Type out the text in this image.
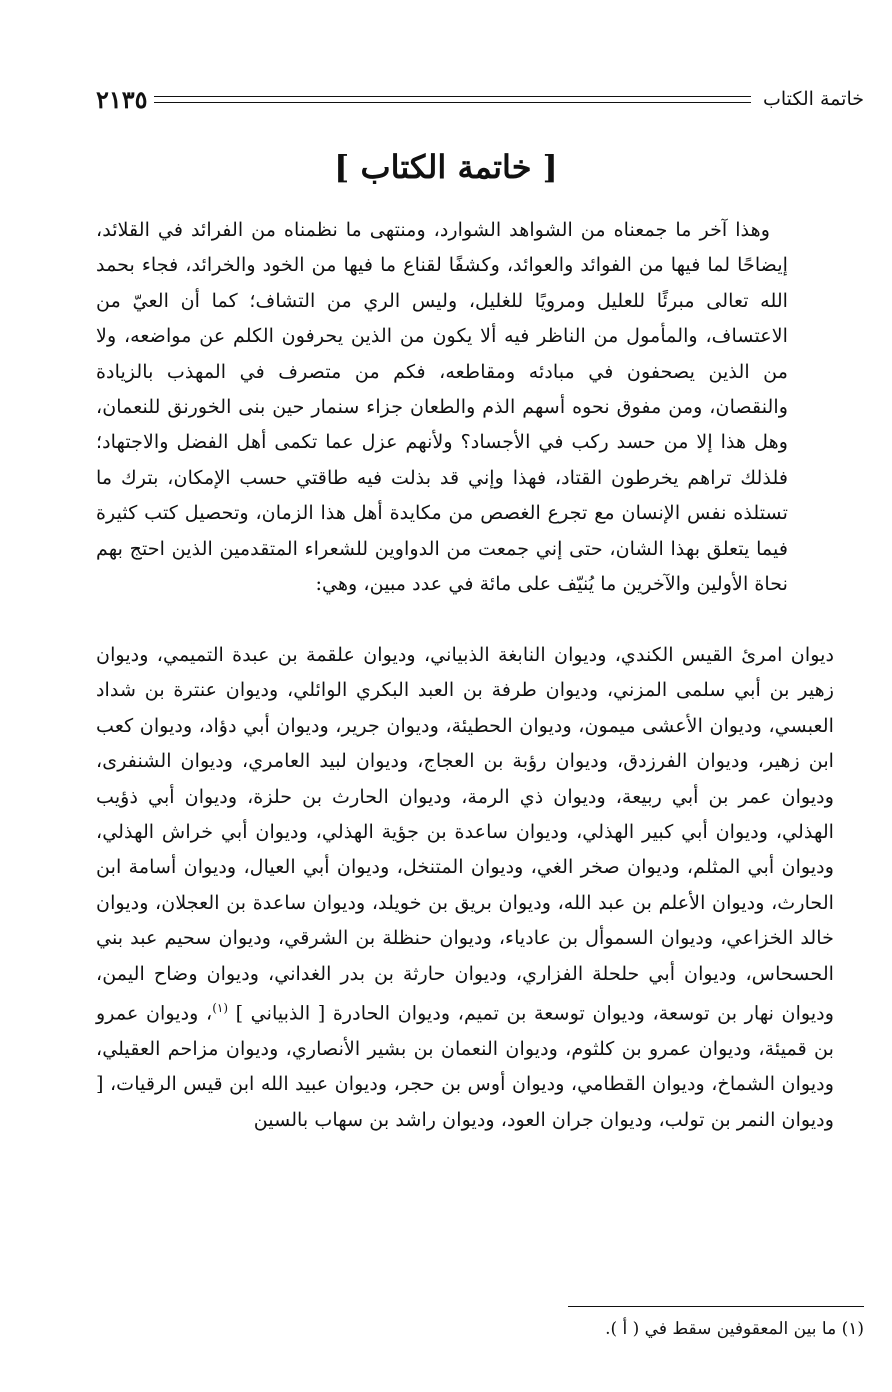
خاتمة الكتاب
٢١٣٥
[ خاتمة الكتاب ]

وهذا آخر ما جمعناه من الشواهد الشوارد، ومنتهى ما نظمناه من الفرائد في القلائد، إيضاحًا لما فيها من الفوائد والعوائد، وكشفًا لقناع ما فيها من الخود والخرائد، فجاء بحمد الله تعالى مبرئًا للعليل ومرويًا للغليل، وليس الري من التشاف؛ كما أن العيّ من الاعتساف، والمأمول من الناظر فيه ألا يكون من الذين يحرفون الكلم عن مواضعه، ولا من الذين يصحفون في مبادئه ومقاطعه، فكم من متصرف في المهذب بالزيادة والنقصان، ومن مفوق نحوه أسهم الذم والطعان جزاء سنمار حين بنى الخورنق للنعمان، وهل هذا إلا من حسد ركب في الأجساد؟ ولأنهم عزل عما تكمى أهل الفضل والاجتهاد؛ فلذلك تراهم يخرطون القتاد، فهذا وإني قد بذلت فيه طاقتي حسب الإمكان، بترك ما تستلذه نفس الإنسان مع تجرع الغصص من مكايدة أهل هذا الزمان، وتحصيل كتب كثيرة فيما يتعلق بهذا الشان، حتى إني جمعت من الدواوين للشعراء المتقدمين الذين احتج بهم نحاة الأولين والآخرين ما يُنيّف على مائة في عدد مبين، وهي:

ديوان امرئ القيس الكندي، وديوان النابغة الذبياني، وديوان علقمة بن عبدة التميمي، وديوان زهير بن أبي سلمى المزني، وديوان طرفة بن العبد البكري الوائلي، وديوان عنترة بن شداد العبسي، وديوان الأعشى ميمون، وديوان الحطيئة، وديوان جرير، وديوان أبي دؤاد، وديوان كعب ابن زهير، وديوان الفرزدق، وديوان رؤبة بن العجاج، وديوان لبيد العامري، وديوان الشنفرى، وديوان عمر بن أبي ربيعة، وديوان ذي الرمة، وديوان الحارث بن حلزة، وديوان أبي ذؤيب الهذلي، وديوان أبي كبير الهذلي، وديوان ساعدة بن جؤية الهذلي، وديوان أبي خراش الهذلي، وديوان أبي المثلم، وديوان صخر الغي، وديوان المتنخل، وديوان أبي العيال، وديوان أسامة ابن الحارث، وديوان الأعلم بن عبد الله، وديوان بريق بن خويلد، وديوان ساعدة بن العجلان، وديوان خالد الخزاعي، وديوان السموأل بن عادياء، وديوان حنظلة بن الشرقي، وديوان سحيم عبد بني الحسحاس، وديوان أبي حلحلة الفزاري، وديوان حارثة بن بدر الغداني، وديوان وضاح اليمن، وديوان نهار بن توسعة، وديوان توسعة بن تميم، وديوان الحادرة [ الذبياني ] $^{(١)}$، وديوان عمرو بن قميئة، وديوان عمرو بن كلثوم، وديوان النعمان بن بشير الأنصاري، وديوان مزاحم العقيلي، وديوان الشماخ، وديوان القطامي، وديوان أوس بن حجر، وديوان عبيد الله ابن قيس الرقيات، [ وديوان النمر بن تولب، وديوان جران العود، وديوان راشد بن سهاب بالسين

(١) ما بين المعقوفين سقط في ( أ ).
